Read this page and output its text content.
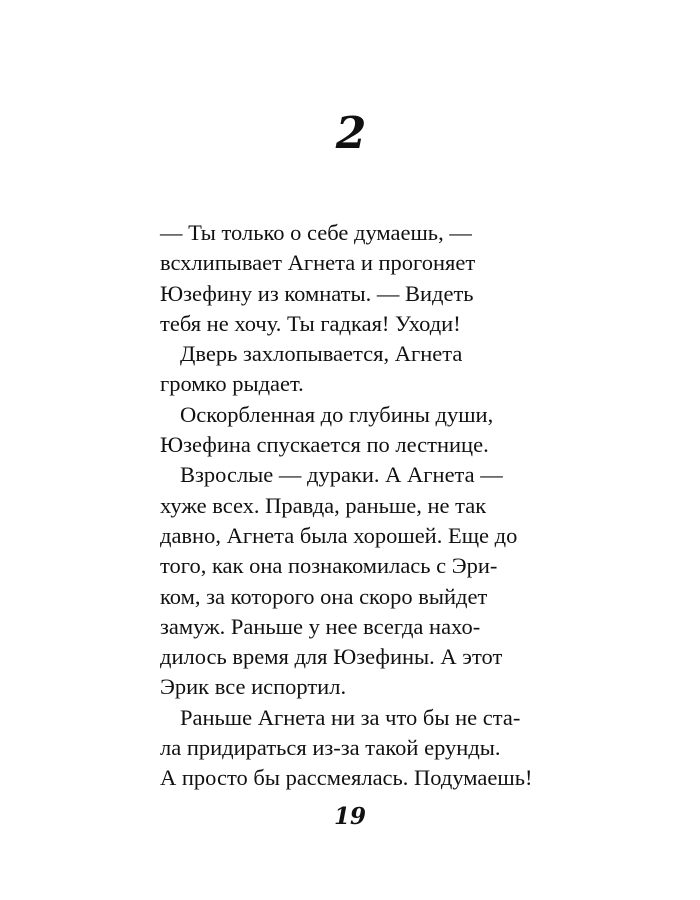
2
— Ты только о себе думаешь, —
всхлипывает Агнета и прогоняет
Юзефину из комнаты. — Видеть
тебя не хочу. Ты гадкая! Уходи!
Дверь захлопывается, Агнета
громко рыдает.
Оскорбленная до глубины души,
Юзефина спускается по лестнице.
Взрослые — дураки. А Агнета —
хуже всех. Правда, раньше, не так
давно, Агнета была хорошей. Еще до
того, как она познакомилась с Эри-
ком, за которого она скоро выйдет
замуж. Раньше у нее всегда нахо-
дилось время для Юзефины. А этот
Эрик все испортил.
Раньше Агнета ни за что бы не ста-
ла придираться из-за такой ерунды.
А просто бы рассмеялась. Подумаешь!
19
